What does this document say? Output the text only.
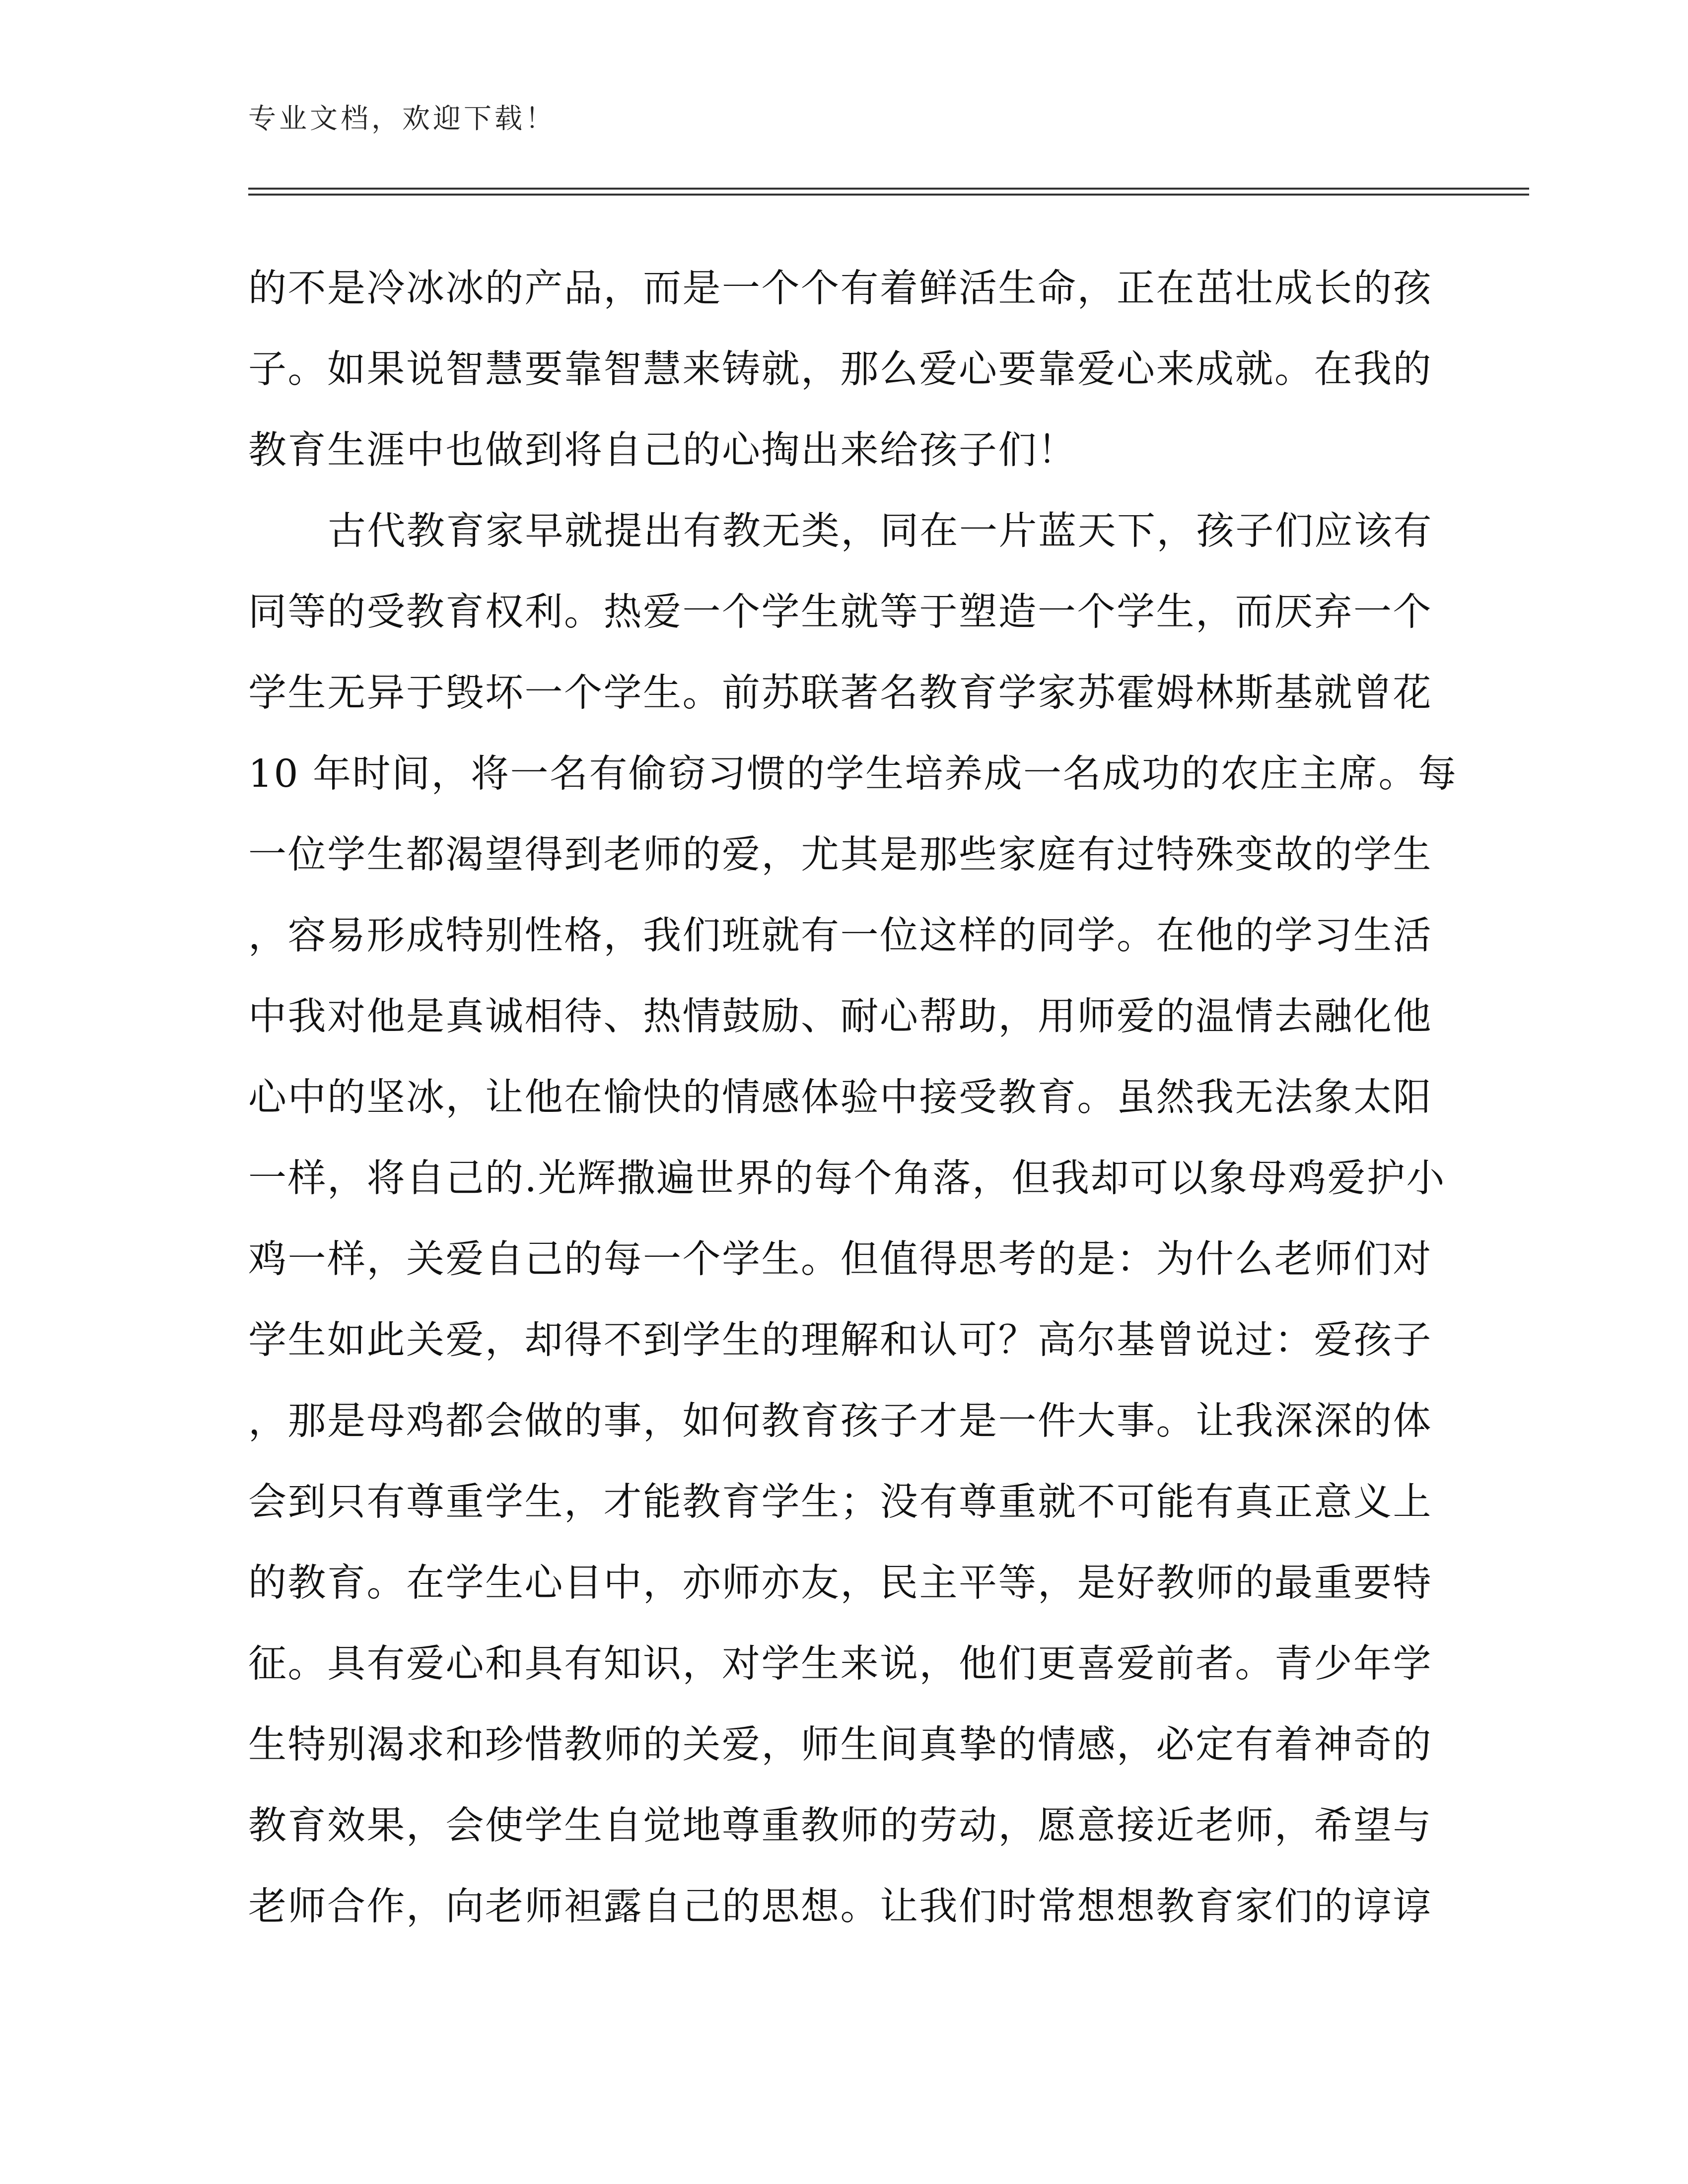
专业文档，欢迎下载！
的不是冷冰冰的产品，而是一个个有着鲜活生命，正在茁壮成长的孩
子。如果说智慧要靠智慧来铸就，那么爱心要靠爱心来成就。在我的
教育生涯中也做到将自己的心掏出来给孩子们！
古代教育家早就提出有教无类，同在一片蓝天下，孩子们应该有
同等的受教育权利。热爱一个学生就等于塑造一个学生，而厌弃一个
学生无异于毁坏一个学生。前苏联著名教育学家苏霍姆林斯基就曾花
10 年时间，将一名有偷窃习惯的学生培养成一名成功的农庄主席。每
一位学生都渴望得到老师的爱，尤其是那些家庭有过特殊变故的学生
，容易形成特别性格，我们班就有一位这样的同学。在他的学习生活
中我对他是真诚相待、热情鼓励、耐心帮助，用师爱的温情去融化他
心中的坚冰，让他在愉快的情感体验中接受教育。虽然我无法象太阳
一样，将自己的.光辉撒遍世界的每个角落，但我却可以象母鸡爱护小
鸡一样，关爱自己的每一个学生。但值得思考的是：为什么老师们对
学生如此关爱，却得不到学生的理解和认可？高尔基曾说过：爱孩子
，那是母鸡都会做的事，如何教育孩子才是一件大事。让我深深的体
会到只有尊重学生，才能教育学生；没有尊重就不可能有真正意义上
的教育。在学生心目中，亦师亦友，民主平等，是好教师的最重要特
征。具有爱心和具有知识，对学生来说，他们更喜爱前者。青少年学
生特别渴求和珍惜教师的关爱，师生间真挚的情感，必定有着神奇的
教育效果，会使学生自觉地尊重教师的劳动，愿意接近老师，希望与
老师合作，向老师袒露自己的思想。让我们时常想想教育家们的谆谆
